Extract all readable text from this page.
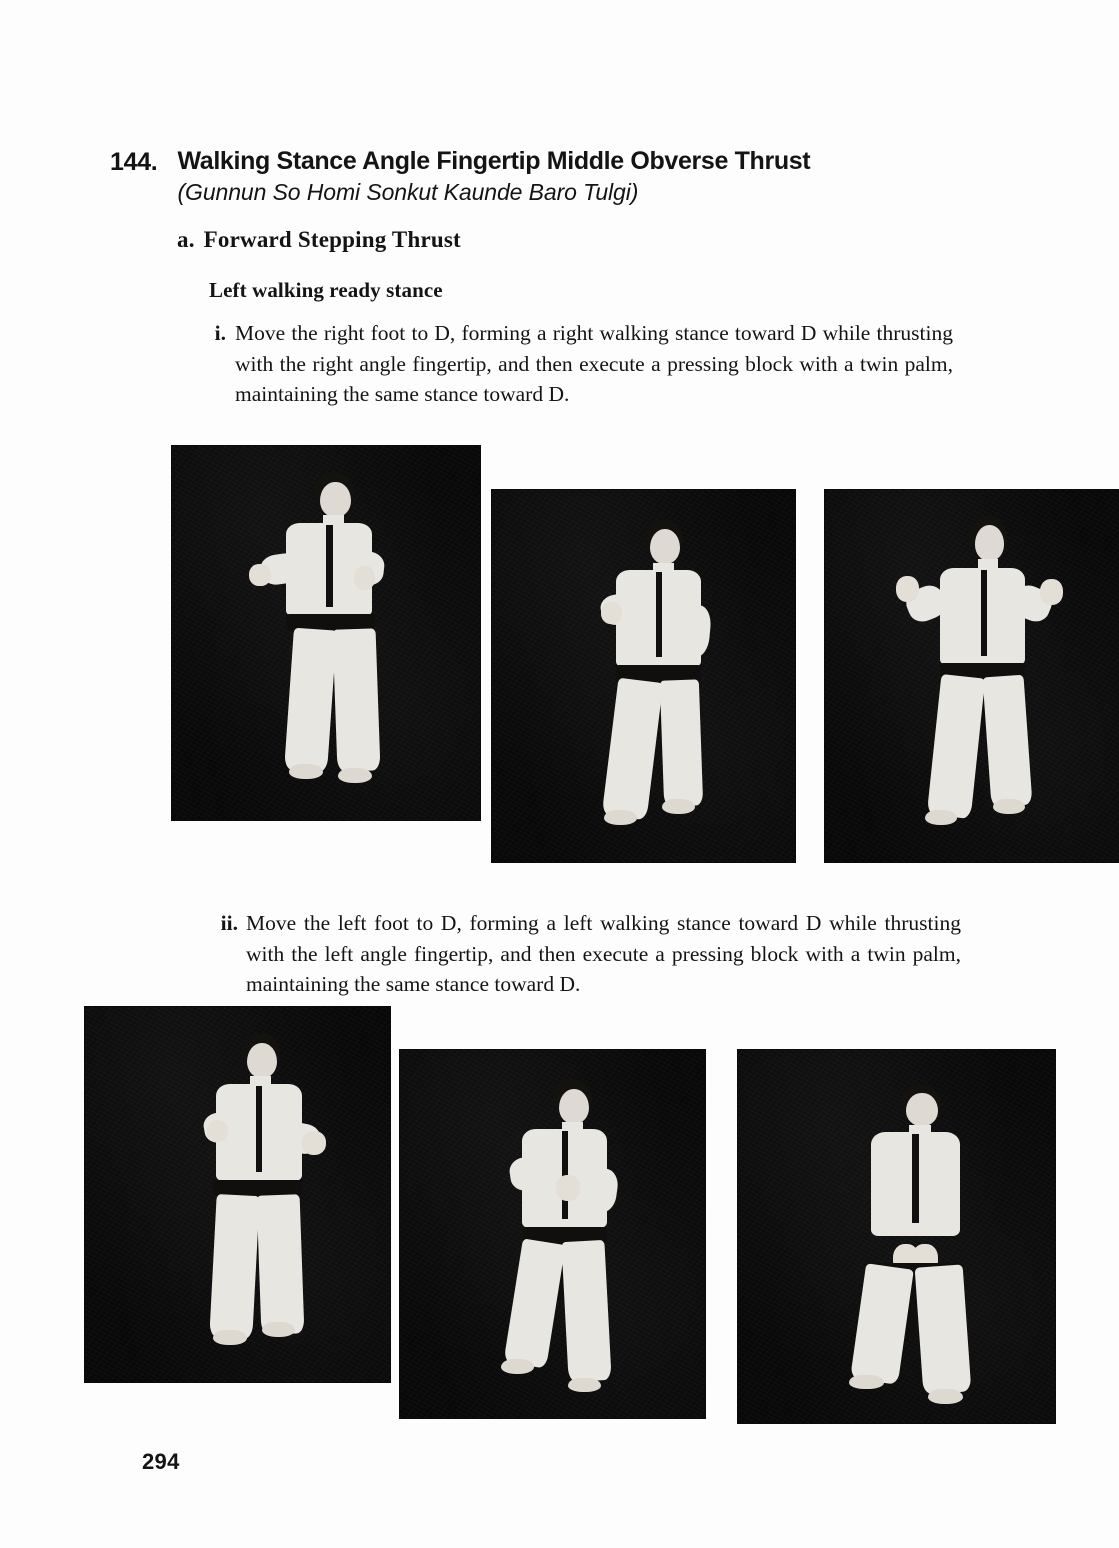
144. Walking Stance Angle Fingertip Middle Obverse Thrust
(Gunnun So Homi Sonkut Kaunde Baro Tulgi)
a. Forward Stepping Thrust
Left walking ready stance
i. Move the right foot to D, forming a right walking stance toward D while thrusting with the right angle fingertip, and then execute a pressing block with a twin palm, maintaining the same stance toward D.
ii. Move the left foot to D, forming a left walking stance toward D while thrusting with the left angle fingertip, and then execute a pressing block with a twin palm, maintaining the same stance toward D.
294
